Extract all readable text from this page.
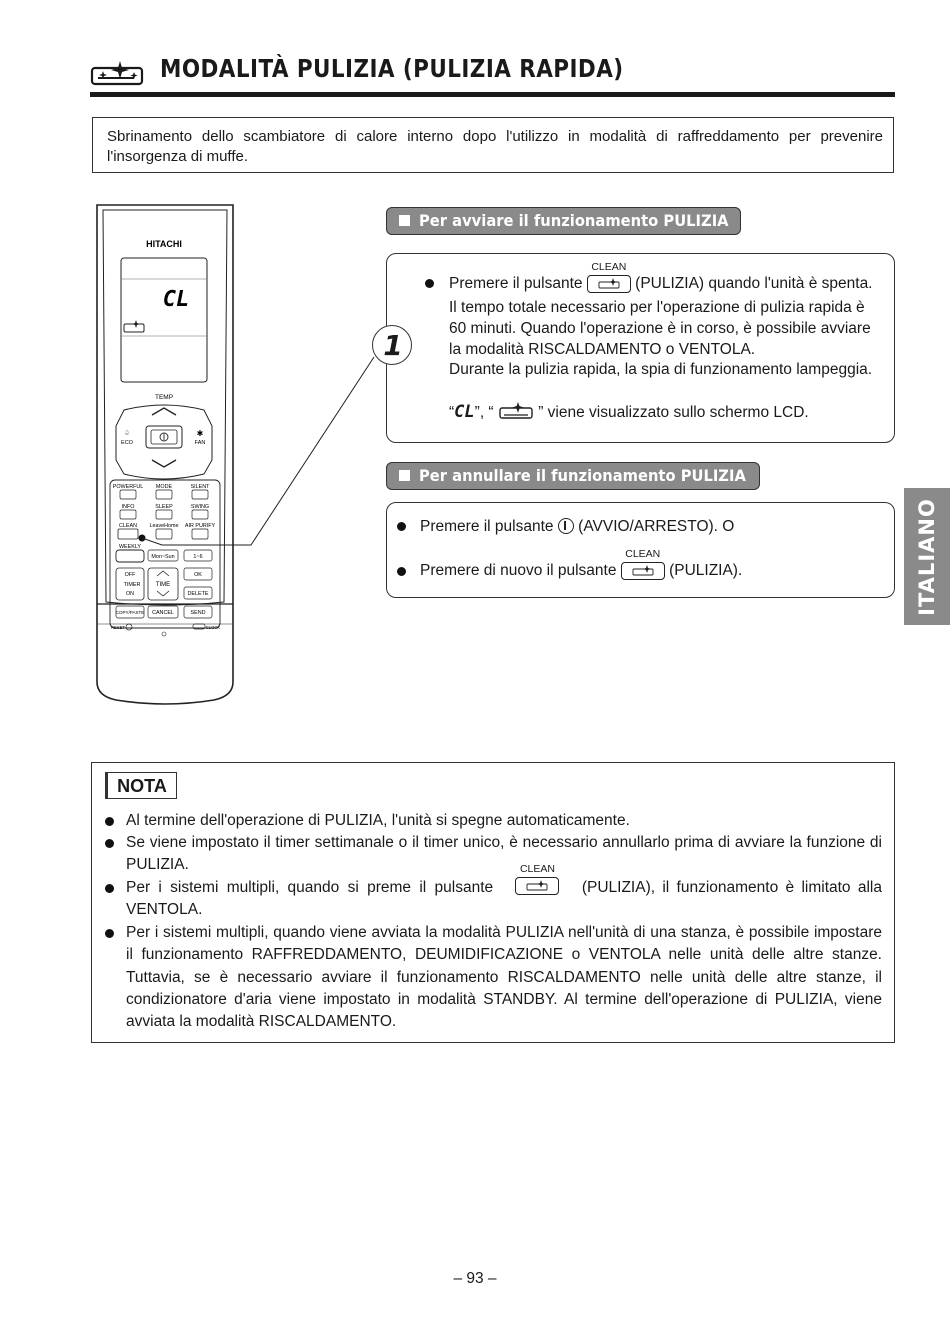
MODALITÀ PULIZIA (PULIZIA RAPIDA)
Sbrinamento dello scambiatore di calore interno dopo l'utilizzo in modalità di raffreddamento per prevenire l'insorgenza di muffe.
HITACHI
CL
TEMP
ECO	FAN
♤	✱
POWERFUL MODE	SILENT
INFO	SLEEP	SWING
CLEAN LeaveHome AIR PURIFY
WEEKLY
Mon~Sun	1~6
OFF
TIMER
ON
TIME
OK
DELETE
COPY/PASTE CANCEL	SEND
RESET	CLOCK
Per avviare il funzionamento PULIZIA
1
Premere il pulsante
CLEAN
(PULIZIA) quando l'unità è spenta.
Il tempo totale necessario per l'operazione di pulizia rapida è 60 minuti. Quando l'operazione è in corso, è possibile avviare la modalità RISCALDAMENTO o VENTOLA.
Durante la pulizia rapida, la spia di funzionamento lampeggia.
“CL”, “	” viene visualizzato sullo schermo LCD.
Per annullare il funzionamento PULIZIA
Premere il pulsante (AVVIO/ARRESTO). O
Premere di nuovo il pulsante
CLEAN
(PULIZIA).	ITALIANO
NOTA
Al termine dell'operazione di PULIZIA, l'unità si spegne automaticamente.
Se viene impostato il timer settimanale o il timer unico, è necessario annullarlo prima di avviare la funzione di PULIZIA.
Per i sistemi multipli, quando si preme il pulsante
CLEAN
(PULIZIA), il funzionamento è limitato alla
VENTOLA.
Per i sistemi multipli, quando viene avviata la modalità PULIZIA nell'unità di una stanza, è possibile impostare il funzionamento RAFFREDDAMENTO, DEUMIDIFICAZIONE o VENTOLA nelle unità delle altre stanze. Tuttavia, se è necessario avviare il funzionamento RISCALDAMENTO nelle unità delle altre stanze, il condizionatore d'aria viene impostato in modalità STANDBY. Al termine dell'operazione di PULIZIA, viene avviata la modalità RISCALDAMENTO.
– 93 –
